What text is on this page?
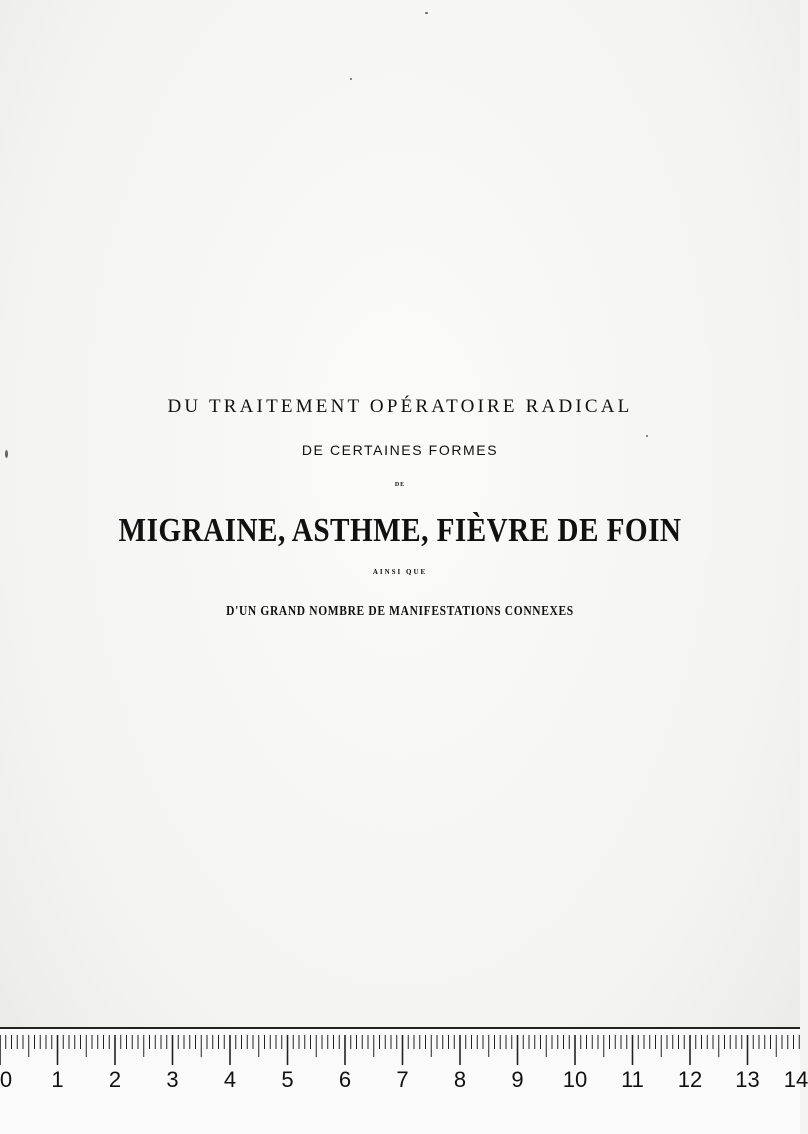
DU TRAITEMENT OPÉRATOIRE RADICAL
DE CERTAINES FORMES
DE
MIGRAINE, ASTHME, FIÈVRE DE FOIN
AINSI QUE
D'UN GRAND NOMBRE DE MANIFESTATIONS CONNEXES
0 1 2 3 4 5 6 7 8 9 10 11 12 13 14
